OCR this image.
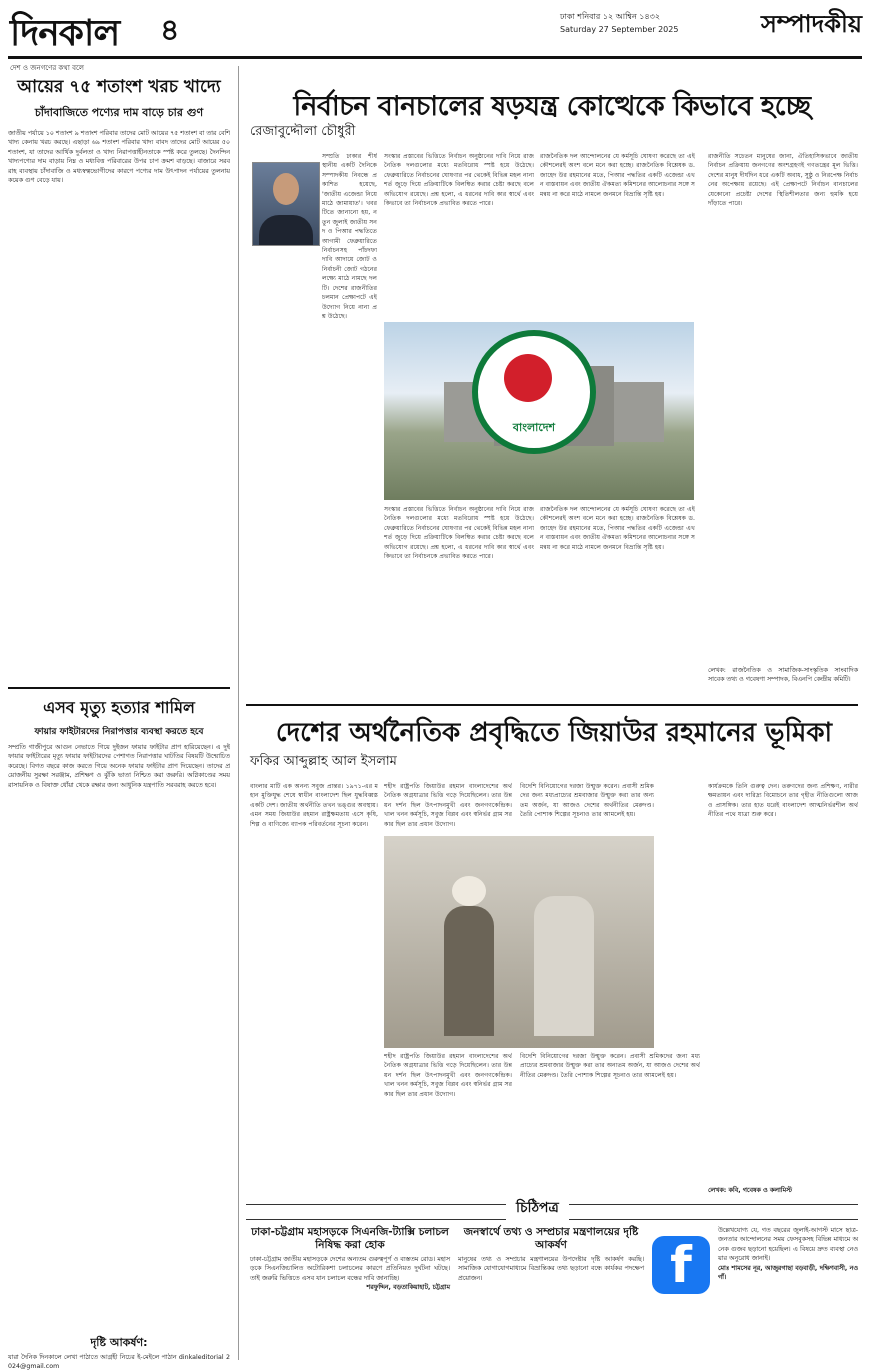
দিনকাল
দেশ ও জনগণের কথা বলে
৪	ঢাকা শনিবার ১২ আশ্বিন ১৪৩২
Saturday 27 September 2025	সম্পাদকীয়
আয়ের ৭৫ শতাংশ খরচ খাদ্যে
চাঁদাবাজিতে পণ্যের দাম বাড়ে চার গুণ
জাতীয় পর্যায়ে ১০ শতাংশ ৯ শতাংশ পরিবার তাদের মোট আয়ের ৭৫ শতাংশ বা তার বেশি খাদ্য কেনায় খরচ করছে। এছাড়া ৬৯ শতাংশ পরিবার খাদ্য বাবদ তাদের মোট আয়ের ৫০ শতাংশ, যা তাদের আর্থিক দুর্বলতা ও খাদ্য নিরাপত্তাহীনতাকে স্পষ্ট করে তুলছে। দৈনন্দিন খাদ্যপণ্যের দাম বাড়ায় নিম্ন ও মধ্যবিত্ত পরিবারের উপর চাপ ক্রমশ বাড়ছে। বাজারে সরবরাহ ব্যবস্থায় চাঁদাবাজি ও মধ্যস্বত্বভোগীদের কারণে পণ্যের দাম উৎপাদন পর্যায়ের তুলনায় কয়েক গুণ বেড়ে যায়।
এসব মৃত্যু হত্যার শামিল
ফায়ার ফাইটারদের নিরাপত্তার ব্যবস্থা করতে হবে
সম্প্রতি গাজীপুরে আগুন নেভাতে গিয়ে দুইজন ফায়ার ফাইটার প্রাণ হারিয়েছেন। এ দুই ফায়ার ফাইটারের মৃত্যু ফায়ার ফাইটারদের পেশাগত নিরাপত্তার ঘাটতির বিষয়টি উন্মোচিত করেছে। বিগত বছরে কাজ করতে গিয়ে অনেক ফায়ার ফাইটার প্রাণ দিয়েছেন। তাদের প্রয়োজনীয় সুরক্ষা সরঞ্জাম, প্রশিক্ষণ ও ঝুঁকি ভাতা নিশ্চিত করা জরুরি। অগ্নিকাণ্ডের সময় রাসায়নিক ও বিষাক্ত ধোঁয়া থেকে রক্ষার জন্য আধুনিক যন্ত্রপাতি সরবরাহ করতে হবে।
দৃষ্টি আকর্ষণ:
যারা দৈনিক দিনকালে লেখা পাঠাতে আগ্রহী নিচের ই-মেইলে পাঠান dinkaleditorial 2024@gmail.com
নির্বাচন বানচালের ষড়যন্ত্র কোত্থেকে কিভাবে হচ্ছে
রেজাবুদ্দৌলা চৌধুরী
সম্প্রতি ঢাকার শীর্ষস্থানীয় একটি দৈনিকে সম্পাদকীয় নিবন্ধে প্রকাশিত হয়েছে, 'জাতীয় এজেন্ডা নিয়ে মাঠে জামায়াত'। খবরটিতে জানানো হয়, নতুন জুলাই জাতীয় সনদ ও পিআর পদ্ধতিতে আগামী ফেব্রুয়ারিতে নির্বাচনসহ পাঁচদফা দাবি আদায়ে জোট ও নির্বাচনী জোট গঠনের লক্ষ্যে মাঠে নামছে দলটি। দেশের রাজনীতির চলমান প্রেক্ষাপটে এই উদ্যোগ নিয়ে নানা প্রশ্ন উঠেছে।
সংস্কার প্রস্তাবের ভিত্তিতে নির্বাচন অনুষ্ঠানের দাবি নিয়ে রাজনৈতিক দলগুলোর মধ্যে মতবিরোধ স্পষ্ট হয়ে উঠেছে। ফেব্রুয়ারিতে নির্বাচনের ঘোষণার পর থেকেই বিভিন্ন মহল নানা শর্ত জুড়ে দিয়ে প্রক্রিয়াটিকে বিলম্বিত করার চেষ্টা করছে বলে অভিযোগ রয়েছে। প্রশ্ন হলো, এ ধরনের দাবি কার স্বার্থে এবং কিভাবে তা নির্বাচনকে প্রভাবিত করতে পারে।
রাজনৈতিক দল আন্দোলনের যে কর্মসূচি ঘোষণা করেছে তা এই কৌশলেরই অংশ বলে মনে করা হচ্ছে। রাজনৈতিক বিশ্লেষক ড. জাহেদ উর রহমানের মতে, পিআর পদ্ধতির একটি এজেন্ডা এখন বাস্তবায়ন এবং জাতীয় ঐকমত্য কমিশনের আলোচনার সঙ্গে সমন্বয় না করে মাঠে নামলে জনমনে বিভ্রান্তি সৃষ্টি হয়।
রাজনীতি সচেতন মানুষের জানা, ঐতিহাসিকভাবে জাতীয় নির্বাচন প্রক্রিয়ায় জনগণের অংশগ্রহণই গণতন্ত্রের মূল ভিত্তি। দেশের মানুষ দীর্ঘদিন ধরে একটি অবাধ, সুষ্ঠু ও নিরপেক্ষ নির্বাচনের অপেক্ষায় রয়েছে। এই প্রেক্ষাপটে নির্বাচন বানচালের যেকোনো প্রচেষ্টা দেশের স্থিতিশীলতার জন্য হুমকি হয়ে দাঁড়াতে পারে।
বাংলাদেশ
সংস্কার প্রস্তাবের ভিত্তিতে নির্বাচন অনুষ্ঠানের দাবি নিয়ে রাজনৈতিক দলগুলোর মধ্যে মতবিরোধ স্পষ্ট হয়ে উঠেছে। ফেব্রুয়ারিতে নির্বাচনের ঘোষণার পর থেকেই বিভিন্ন মহল নানা শর্ত জুড়ে দিয়ে প্রক্রিয়াটিকে বিলম্বিত করার চেষ্টা করছে বলে অভিযোগ রয়েছে। প্রশ্ন হলো, এ ধরনের দাবি কার স্বার্থে এবং কিভাবে তা নির্বাচনকে প্রভাবিত করতে পারে।
রাজনৈতিক দল আন্দোলনের যে কর্মসূচি ঘোষণা করেছে তা এই কৌশলেরই অংশ বলে মনে করা হচ্ছে। রাজনৈতিক বিশ্লেষক ড. জাহেদ উর রহমানের মতে, পিআর পদ্ধতির একটি এজেন্ডা এখন বাস্তবায়ন এবং জাতীয় ঐকমত্য কমিশনের আলোচনার সঙ্গে সমন্বয় না করে মাঠে নামলে জনমনে বিভ্রান্তি সৃষ্টি হয়।
লেখক: রাজনৈতিক ও সামাজিক-সাংস্কৃতিক সাংবাদিক সাবেক তথ্য ও গবেষণা সম্পাদক, বিএনপি কেন্দ্রীয় কমিটি।
দেশের অর্থনৈতিক প্রবৃদ্ধিতে জিয়াউর রহমানের ভূমিকা
ফকির আব্দুল্লাহ আল ইসলাম
বাংলার মাটি এক অনন্য সবুজ প্রান্তর। ১৯৭১-এর মহান মুক্তিযুদ্ধ শেষে স্বাধীন বাংলাদেশ ছিল যুদ্ধবিধ্বস্ত একটি দেশ। জাতীয় অর্থনীতি তখন ভঙ্গুর অবস্থায়। এমন সময় জিয়াউর রহমান রাষ্ট্রক্ষমতায় এসে কৃষি, শিল্প ও বাণিজ্যে ব্যাপক পরিবর্তনের সূচনা করেন।
শহীদ রাষ্ট্রপতি জিয়াউর রহমান বাংলাদেশের অর্থনৈতিক অগ্রযাত্রার ভিত্তি গড়ে দিয়েছিলেন। তার উন্নয়ন দর্শন ছিল উৎপাদনমুখী এবং জনগণকেন্দ্রিক। খাল খনন কর্মসূচি, সবুজ বিপ্লব এবং স্বনির্ভর গ্রাম সরকার ছিল তার প্রধান উদ্যোগ।
বিদেশি বিনিয়োগের দরজা উন্মুক্ত করেন। প্রবাসী শ্রমিকদের জন্য মধ্যপ্রাচ্যের শ্রমবাজার উন্মুক্ত করা তার অন্যতম অর্জন, যা আজও দেশের অর্থনীতির মেরুদণ্ড। তৈরি পোশাক শিল্পের সূচনাও তার আমলেই হয়।
কার্যক্রমকে তিনি গুরুত্ব দেন। তরুণদের জন্য প্রশিক্ষণ, নারীর ক্ষমতায়ন এবং দারিদ্র্য বিমোচনে তার গৃহীত নীতিগুলো আজও প্রাসঙ্গিক। তার হাত ধরেই বাংলাদেশ আত্মনির্ভরশীল অর্থনীতির পথে যাত্রা শুরু করে।
শহীদ রাষ্ট্রপতি জিয়াউর রহমান বাংলাদেশের অর্থনৈতিক অগ্রযাত্রার ভিত্তি গড়ে দিয়েছিলেন। তার উন্নয়ন দর্শন ছিল উৎপাদনমুখী এবং জনগণকেন্দ্রিক। খাল খনন কর্মসূচি, সবুজ বিপ্লব এবং স্বনির্ভর গ্রাম সরকার ছিল তার প্রধান উদ্যোগ।
বিদেশি বিনিয়োগের দরজা উন্মুক্ত করেন। প্রবাসী শ্রমিকদের জন্য মধ্যপ্রাচ্যের শ্রমবাজার উন্মুক্ত করা তার অন্যতম অর্জন, যা আজও দেশের অর্থনীতির মেরুদণ্ড। তৈরি পোশাক শিল্পের সূচনাও তার আমলেই হয়।
লেখক: কবি, গবেষক ও কলামিস্ট
চিঠিপত্র
ঢাকা-চট্টগ্রাম মহাসড়কে সিএনজি-ট্যাক্সি চলাচল নিষিদ্ধ করা হোক
ঢাকা-চট্টগ্রাম জাতীয় মহাসড়কে দেশের অন্যতম গুরুত্বপূর্ণ ও ব্যস্ততম রোড। মহাসড়কে সিএনজিচালিত অটোরিকশা চলাচলের কারণে প্রতিনিয়ত দুর্ঘটনা ঘটছে। তাই জরুরি ভিত্তিতে এসব যান চলাচল বন্ধের দাবি জানাচ্ছি।
শরফুদ্দিন, বড়তাকিয়াহাট, চট্টগ্রাম
জনস্বার্থে তথ্য ও সম্প্রচার মন্ত্রণালয়ের দৃষ্টি আকর্ষণ
মানুষের তথ্য ও সম্প্রচার মন্ত্রণালয়ের উপদেষ্টার দৃষ্টি আকর্ষণ করছি। সামাজিক যোগাযোগমাধ্যমে বিভ্রান্তিকর তথ্য ছড়ানো বন্ধে কার্যকর পদক্ষেপ প্রয়োজন।	f
উল্লেখযোগ্য যে, গত বছরের জুলাই-আগস্ট মাসে ছাত্র-জনতার আন্দোলনের সময় ফেসবুকসহ বিভিন্ন মাধ্যমে অনেক গুজব ছড়ানো হয়েছিল। এ বিষয়ে দ্রুত ব্যবস্থা নেওয়ার অনুরোধ জানাই।
মোঃ শামসের নূর, আজুরগাছা বড়বাড়ী, দক্ষিণবাসী, নওগাঁ।
